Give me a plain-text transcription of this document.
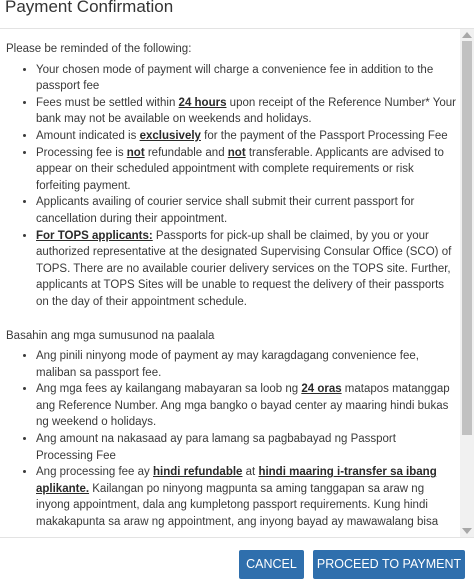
Payment Confirmation
Please be reminded of the following:
• Your chosen mode of payment will charge a convenience fee in addition to the passport fee
• Fees must be settled within 24 hours upon receipt of the Reference Number* Your bank may not be available on weekends and holidays.
• Amount indicated is exclusively for the payment of the Passport Processing Fee
• Processing fee is not refundable and not transferable. Applicants are advised to appear on their scheduled appointment with complete requirements or risk forfeiting payment.
• Applicants availing of courier service shall submit their current passport for cancellation during their appointment.
• For TOPS applicants: Passports for pick-up shall be claimed, by you or your authorized representative at the designated Supervising Consular Office (SCO) of TOPS. There are no available courier delivery services on the TOPS site. Further, applicants at TOPS Sites will be unable to request the delivery of their passports on the day of their appointment schedule.
Basahin ang mga sumusunod na paalala
• Ang pinili ninyong mode of payment ay may karagdagang convenience fee, maliban sa passport fee.
• Ang mga fees ay kailangang mabayaran sa loob ng 24 oras matapos matanggap ang Reference Number. Ang mga bangko o bayad center ay maaring hindi bukas ng weekend o holidays.
• Ang amount na nakasaad ay para lamang sa pagbabayad ng Passport Processing Fee
• Ang processing fee ay hindi refundable at hindi maaring i-transfer sa ibang aplikante. Kailangan po ninyong magpunta sa aming tanggapan sa araw ng inyong appointment, dala ang kumpletong passport requirements. Kung hindi makakapunta sa araw ng appointment, ang inyong bayad ay mawawalang bisa
CANCEL	PROCEED TO PAYMENT
